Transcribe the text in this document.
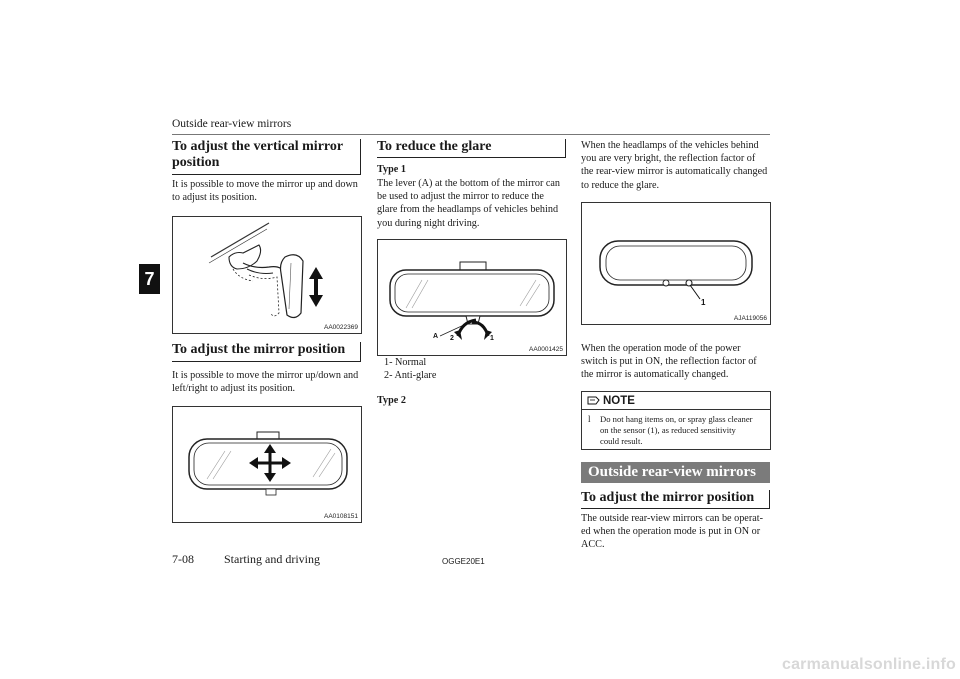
Outside rear-view mirrors
7
To adjust the vertical mirror
position
It is possible to move the mirror up and down
to adjust its position.
AA0022369
To adjust the mirror position
It is possible to move the mirror up/down and
left/right to adjust its position.
AA0108151
To reduce the glare
Type 1
The lever (A) at the bottom of the mirror can
be used to adjust the mirror to reduce the
glare from the headlamps of vehicles behind
you during night driving.
A 2	1
AA0001425
1- Normal
2- Anti-glare
Type 2
When the headlamps of the vehicles behind
you are very bright, the reflection factor of
the rear-view mirror is automatically changed
to reduce the glare.
1
AJA119056
When the operation mode of the power
switch is put in ON, the reflection factor of
the mirror is automatically changed.
NOTE
l	Do not hang items on, or spray glass cleaner
on the sensor (1), as reduced sensitivity
could result.
Outside rear-view mirrors
To adjust the mirror position
The outside rear-view mirrors can be operat-
ed when the operation mode is put in ON or
ACC.
7-08	Starting and driving	OGGE20E1
carmanualsonline.info
